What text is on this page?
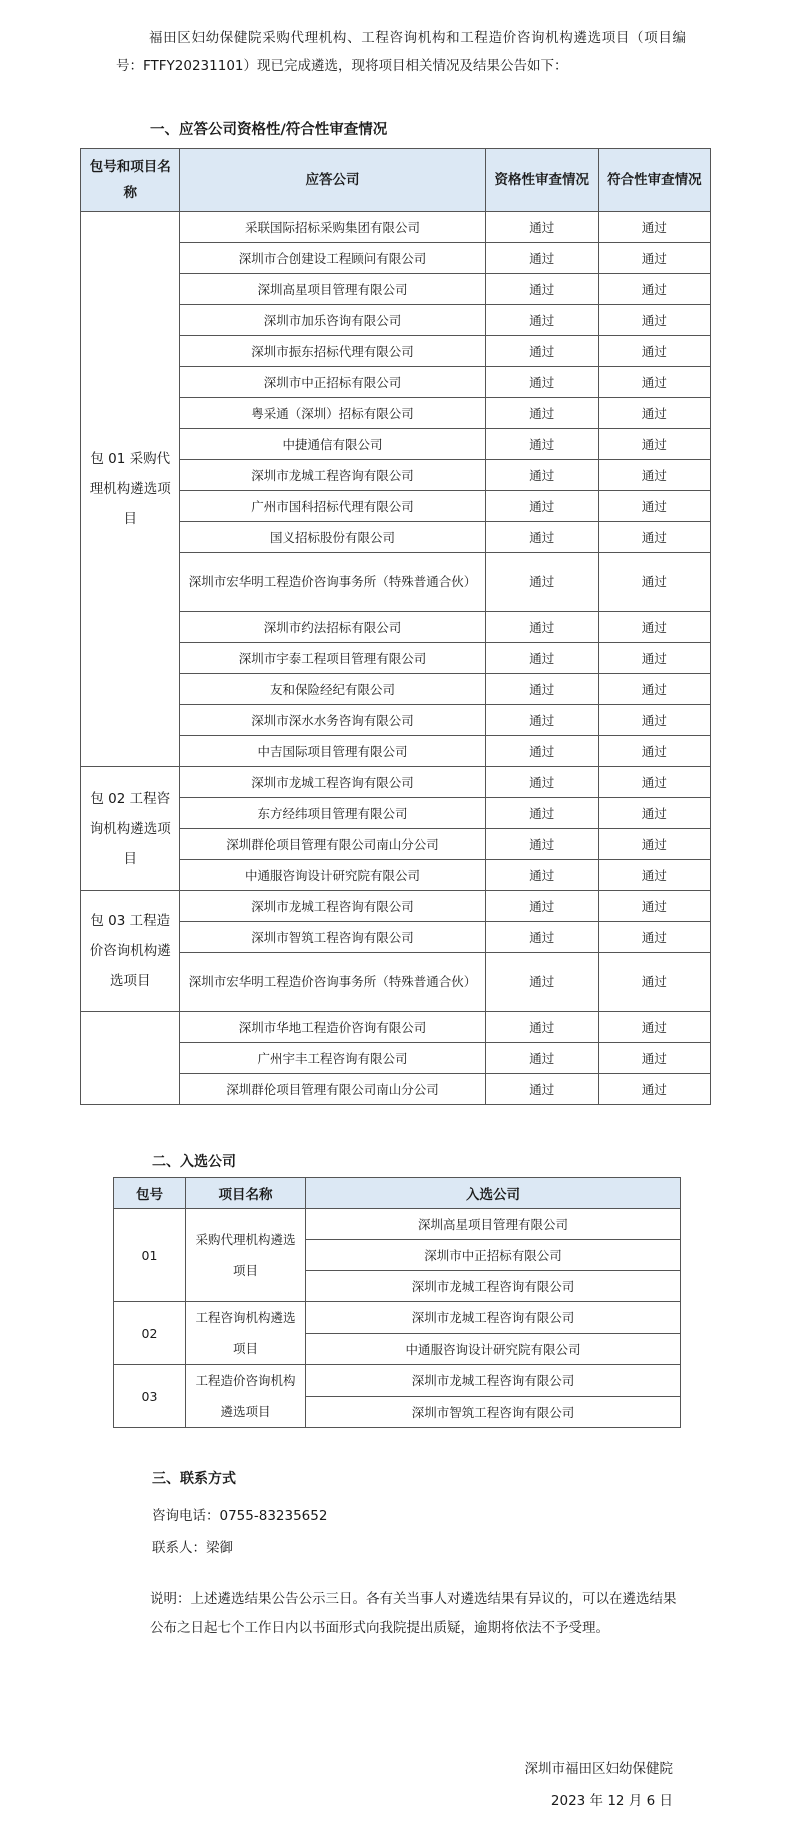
福田区妇幼保健院采购代理机构、工程咨询机构和工程造价咨询机构遴选项目（项目编号：FTFY20231101）现已完成遴选，现将项目相关情况及结果公告如下：
一、应答公司资格性/符合性审查情况
包号和项目名称	应答公司	资格性审查情况	符合性审查情况
包 01 采购代理机构遴选项目	采联国际招标采购集团有限公司	通过	通过
	深圳市合创建设工程顾问有限公司	通过	通过
	深圳高星项目管理有限公司	通过	通过
	深圳市加乐咨询有限公司	通过	通过
	深圳市振东招标代理有限公司	通过	通过
	深圳市中正招标有限公司	通过	通过
	粤采通（深圳）招标有限公司	通过	通过
	中捷通信有限公司	通过	通过
	深圳市龙城工程咨询有限公司	通过	通过
	广州市国科招标代理有限公司	通过	通过
	国义招标股份有限公司	通过	通过
	深圳市宏华明工程造价咨询事务所（特殊普通合伙）	通过	通过
	深圳市约法招标有限公司	通过	通过
	深圳市宇泰工程项目管理有限公司	通过	通过
	友和保险经纪有限公司	通过	通过
	深圳市深水水务咨询有限公司	通过	通过
	中吉国际项目管理有限公司	通过	通过
包 02 工程咨询机构遴选项目	深圳市龙城工程咨询有限公司	通过	通过
	东方经纬项目管理有限公司	通过	通过
	深圳群伦项目管理有限公司南山分公司	通过	通过
	中通服咨询设计研究院有限公司	通过	通过
包 03 工程造价咨询机构遴选项目	深圳市龙城工程咨询有限公司	通过	通过
	深圳市智筑工程咨询有限公司	通过	通过
	深圳市宏华明工程造价咨询事务所（特殊普通合伙）	通过	通过
	深圳市华地工程造价咨询有限公司	通过	通过
	广州宇丰工程咨询有限公司	通过	通过
	深圳群伦项目管理有限公司南山分公司	通过	通过
二、入选公司
包号	项目名称	入选公司
01	采购代理机构遴选项目	深圳高星项目管理有限公司
		深圳市中正招标有限公司
		深圳市龙城工程咨询有限公司
02	工程咨询机构遴选项目	深圳市龙城工程咨询有限公司
		中通服咨询设计研究院有限公司
03	工程造价咨询机构遴选项目	深圳市龙城工程咨询有限公司
		深圳市智筑工程咨询有限公司
三、联系方式
咨询电话：0755-83235652
联系人：梁御
说明：上述遴选结果公告公示三日。各有关当事人对遴选结果有异议的，可以在遴选结果公布之日起七个工作日内以书面形式向我院提出质疑，逾期将依法不予受理。
深圳市福田区妇幼保健院
2023 年 12 月 6 日
